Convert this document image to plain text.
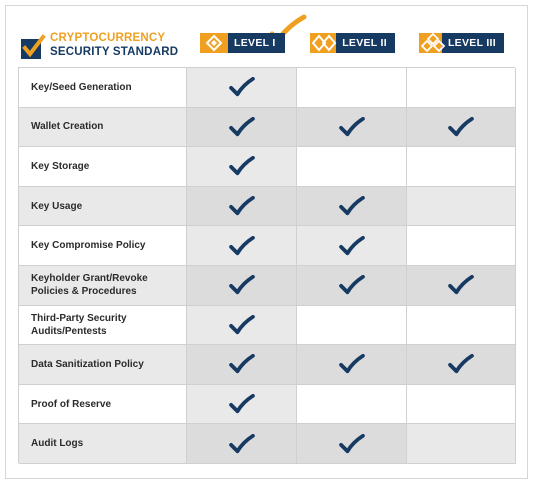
CRYPTOCURRENCY
SECURITY STANDARD
LEVEL I	LEVEL II	LEVEL III
Key/Seed Generation
Wallet Creation
Key Storage
Key Usage
Key Compromise Policy
Keyholder Grant/Revoke
Policies & Procedures
Third-Party Security
Audits/Pentests
Data Sanitization Policy
Proof of Reserve
Audit Logs
